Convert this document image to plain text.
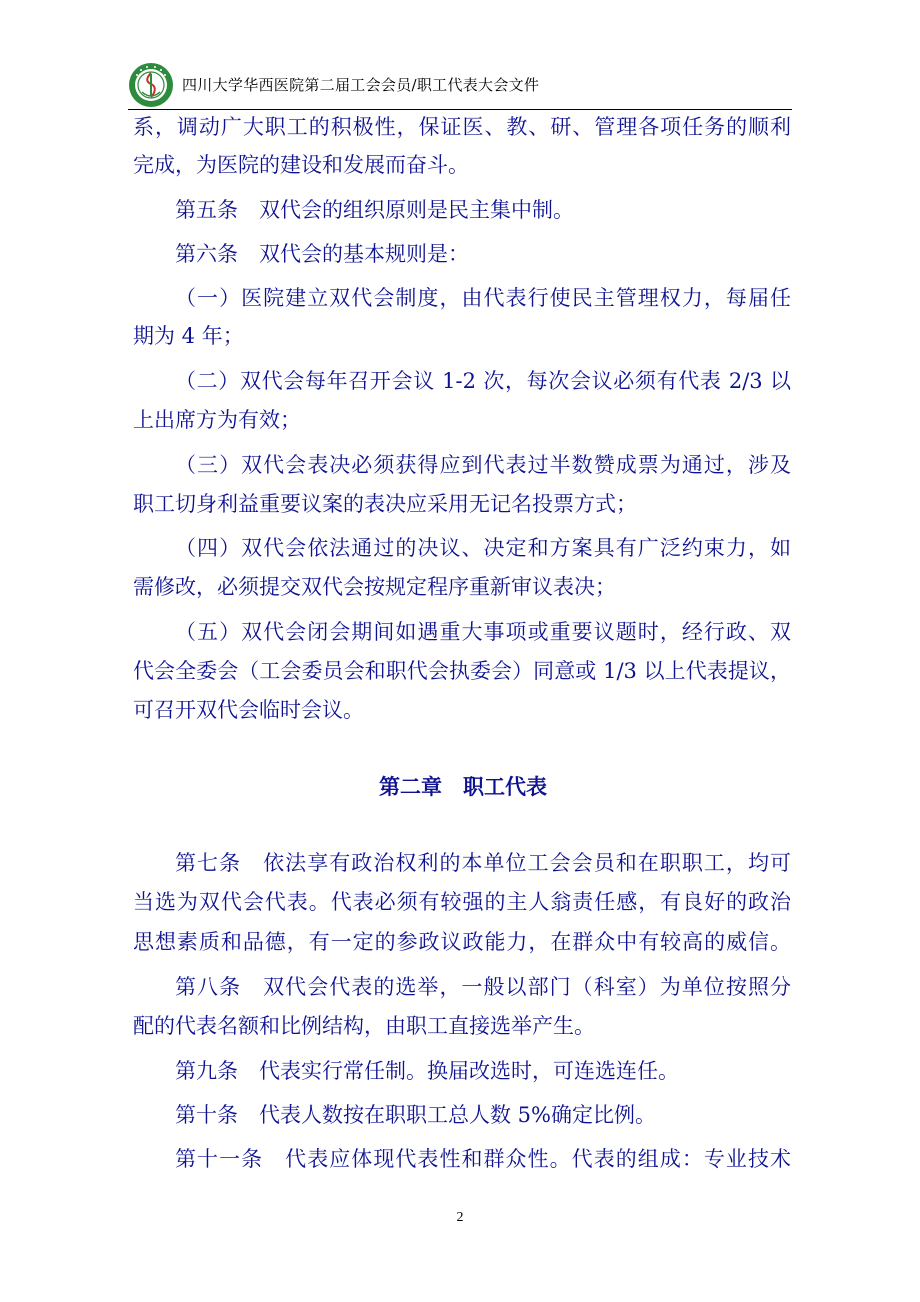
四川大学华西医院第二届工会会员/职工代表大会文件
系，调动广大职工的积极性，保证医、教、研、管理各项任务的顺利
完成，为医院的建设和发展而奋斗。
第五条　双代会的组织原则是民主集中制。
第六条　双代会的基本规则是：
（一）医院建立双代会制度，由代表行使民主管理权力，每届任
期为 4 年；
（二）双代会每年召开会议 1-2 次，每次会议必须有代表 2/3 以
上出席方为有效；
（三）双代会表决必须获得应到代表过半数赞成票为通过，涉及
职工切身利益重要议案的表决应采用无记名投票方式；
（四）双代会依法通过的决议、决定和方案具有广泛约束力，如
需修改，必须提交双代会按规定程序重新审议表决；
（五）双代会闭会期间如遇重大事项或重要议题时，经行政、双
代会全委会（工会委员会和职代会执委会）同意或 1/3 以上代表提议，
可召开双代会临时会议。
第二章　职工代表
第七条　依法享有政治权利的本单位工会会员和在职职工，均可
当选为双代会代表。代表必须有较强的主人翁责任感，有良好的政治
思想素质和品德，有一定的参政议政能力，在群众中有较高的威信。
第八条　双代会代表的选举，一般以部门（科室）为单位按照分
配的代表名额和比例结构，由职工直接选举产生。
第九条　代表实行常任制。换届改选时，可连选连任。
第十条　代表人数按在职职工总人数 5%确定比例。
第十一条　代表应体现代表性和群众性。代表的组成：专业技术
2
